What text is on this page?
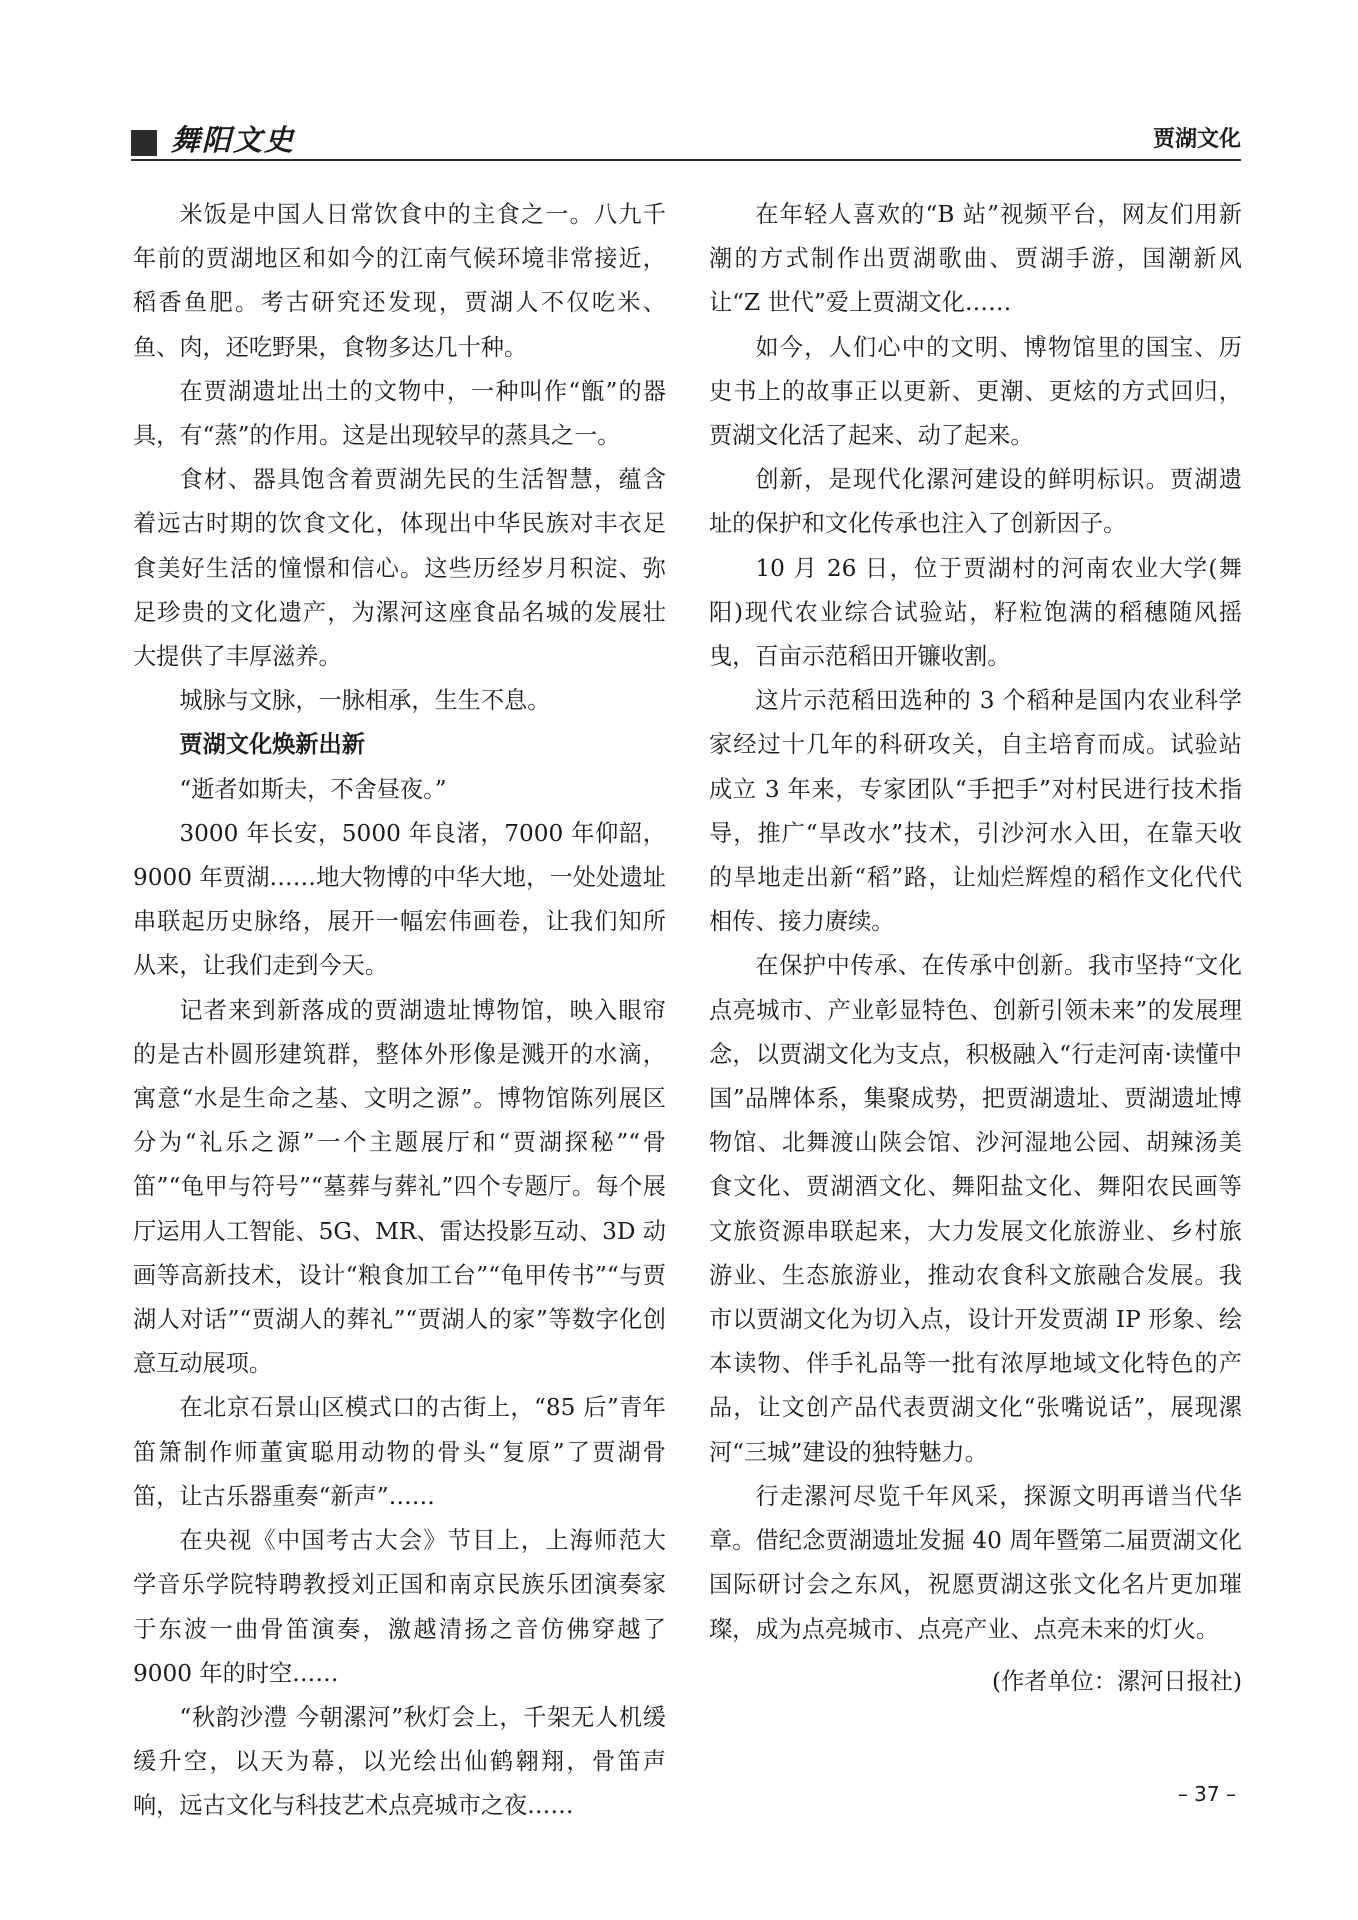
舞阳文史	贾湖文化

米饭是中国人日常饮食中的主食之一。八九千年前的贾湖地区和如今的江南气候环境非常接近，稻香鱼肥。考古研究还发现，贾湖人不仅吃米、鱼、肉，还吃野果，食物多达几十种。

在贾湖遗址出土的文物中，一种叫作“甑”的器具，有“蒸”的作用。这是出现较早的蒸具之一。

食材、器具饱含着贾湖先民的生活智慧，蕴含着远古时期的饮食文化，体现出中华民族对丰衣足食美好生活的憧憬和信心。这些历经岁月积淀、弥足珍贵的文化遗产，为漯河这座食品名城的发展壮大提供了丰厚滋养。

城脉与文脉，一脉相承，生生不息。

贾湖文化焕新出新

“逝者如斯夫，不舍昼夜。”

3000 年长安，5000 年良渚，7000 年仰韶，9000 年贾湖……地大物博的中华大地，一处处遗址串联起历史脉络，展开一幅宏伟画卷，让我们知所从来，让我们走到今天。

记者来到新落成的贾湖遗址博物馆，映入眼帘的是古朴圆形建筑群，整体外形像是溅开的水滴，寓意“水是生命之基、文明之源”。博物馆陈列展区分为“礼乐之源”一个主题展厅和“贾湖探秘”“骨笛”“龟甲与符号”“墓葬与葬礼”四个专题厅。每个展厅运用人工智能、5G、MR、雷达投影互动、3D 动画等高新技术，设计“粮食加工台”“龟甲传书”“与贾湖人对话”“贾湖人的葬礼”“贾湖人的家”等数字化创意互动展项。

在北京石景山区模式口的古街上，“85 后”青年笛箫制作师董寅聪用动物的骨头“复原”了贾湖骨笛，让古乐器重奏“新声”……

在央视《中国考古大会》节目上，上海师范大学音乐学院特聘教授刘正国和南京民族乐团演奏家于东波一曲骨笛演奏，激越清扬之音仿佛穿越了 9000 年的时空……

“秋韵沙澧 今朝漯河”秋灯会上，千架无人机缓缓升空，以天为幕，以光绘出仙鹤翱翔，骨笛声响，远古文化与科技艺术点亮城市之夜……

在年轻人喜欢的“B 站”视频平台，网友们用新潮的方式制作出贾湖歌曲、贾湖手游，国潮新风让“Z 世代”爱上贾湖文化……

如今，人们心中的文明、博物馆里的国宝、历史书上的故事正以更新、更潮、更炫的方式回归，贾湖文化活了起来、动了起来。

创新，是现代化漯河建设的鲜明标识。贾湖遗址的保护和文化传承也注入了创新因子。

10 月 26 日，位于贾湖村的河南农业大学(舞阳)现代农业综合试验站，籽粒饱满的稻穗随风摇曳，百亩示范稻田开镰收割。

这片示范稻田选种的 3 个稻种是国内农业科学家经过十几年的科研攻关，自主培育而成。试验站成立 3 年来，专家团队“手把手”对村民进行技术指导，推广“旱改水”技术，引沙河水入田，在靠天收的旱地走出新“稻”路，让灿烂辉煌的稻作文化代代相传、接力赓续。

在保护中传承、在传承中创新。我市坚持“文化点亮城市、产业彰显特色、创新引领未来”的发展理念，以贾湖文化为支点，积极融入“行走河南·读懂中国”品牌体系，集聚成势，把贾湖遗址、贾湖遗址博物馆、北舞渡山陕会馆、沙河湿地公园、胡辣汤美食文化、贾湖酒文化、舞阳盐文化、舞阳农民画等文旅资源串联起来，大力发展文化旅游业、乡村旅游业、生态旅游业，推动农食科文旅融合发展。我市以贾湖文化为切入点，设计开发贾湖 IP 形象、绘本读物、伴手礼品等一批有浓厚地域文化特色的产品，让文创产品代表贾湖文化“张嘴说话”，展现漯河“三城”建设的独特魅力。

行走漯河尽览千年风采，探源文明再谱当代华章。借纪念贾湖遗址发掘 40 周年暨第二届贾湖文化国际研讨会之东风，祝愿贾湖这张文化名片更加璀璨，成为点亮城市、点亮产业、点亮未来的灯火。

(作者单位：漯河日报社)

– 37 –
